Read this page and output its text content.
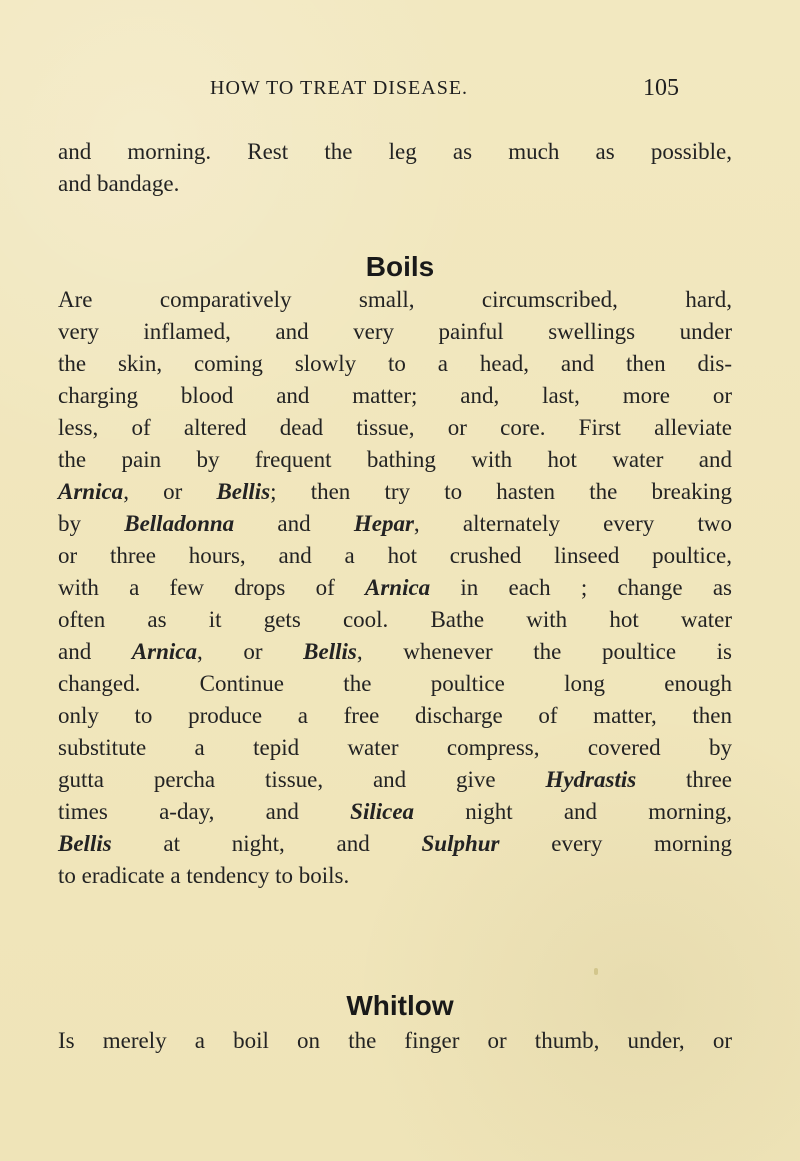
HOW TO TREAT DISEASE.	105
and morning. Rest the leg as much as possible,
and bandage.
Boils
Are comparatively small, circumscribed, hard,
very inflamed, and very painful swellings under
the skin, coming slowly to a head, and then dis-
charging blood and matter; and, last, more or
less, of altered dead tissue, or core. First alleviate
the pain by frequent bathing with hot water and
Arnica, or Bellis; then try to hasten the breaking
by Belladonna and Hepar, alternately every two
or three hours, and a hot crushed linseed poultice,
with a few drops of Arnica in each ; change as
often as it gets cool. Bathe with hot water
and Arnica, or Bellis, whenever the poultice is
changed. Continue the poultice long enough
only to produce a free discharge of matter, then
substitute a tepid water compress, covered by
gutta percha tissue, and give Hydrastis three
times a-day, and Silicea night and morning,
Bellis at night, and Sulphur every morning
to eradicate a tendency to boils.
Whitlow
Is merely a boil on the finger or thumb, under, or
